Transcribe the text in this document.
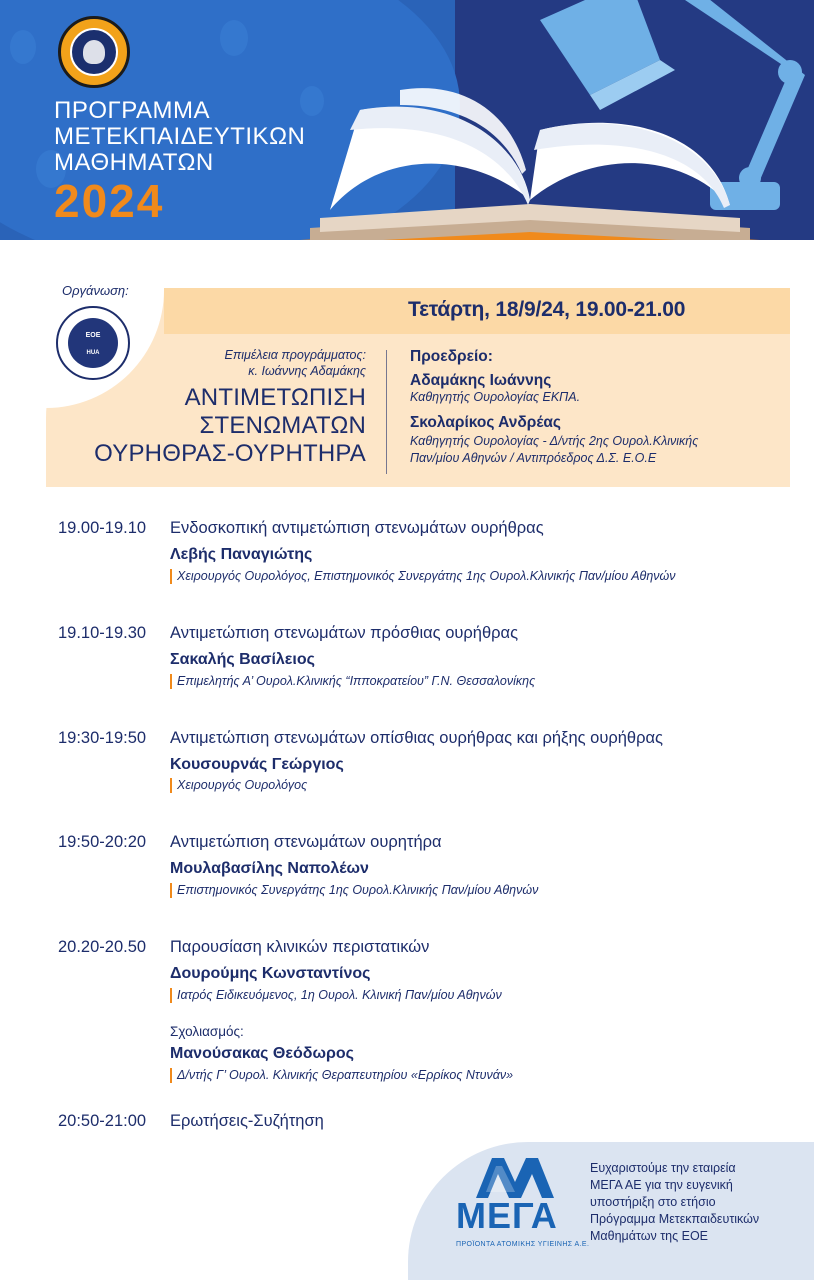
ΠΡΟΓΡΑΜΜΑ
ΜΕΤΕΚΠΑΙΔΕΥΤΙΚΩΝ
ΜΑΘΗΜΑΤΩΝ
2024
ΕΟΕ
HUA
Τετάρτη, 18/9/24, 19.00-21.00
Επιμέλεια προγράμματος:
κ. Ιωάννης Αδαμάκης
ΑΝΤΙΜΕΤΩΠΙΣΗ
ΣΤΕΝΩΜΑΤΩΝ
ΟΥΡΗΘΡΑΣ-ΟΥΡΗΤΗΡΑ
Προεδρείο:
Αδαμάκης Ιωάννης
Καθηγητής Ουρολογίας ΕΚΠΑ.
Σκολαρίκος Ανδρέας
Καθηγητής Ουρολογίας - Δ/ντής 2ης Ουρολ.Κλινικής
Παν/μίου Αθηνών / Αντιπρόεδρος Δ.Σ. Ε.Ο.Ε
Οργάνωση:
19.00-19.10 Ενδοσκοπική αντιμετώπιση στενωμάτων ουρήθρας
Λεβής Παναγιώτης
Χειρουργός Ουρολόγος, Επιστημονικός Συνεργάτης 1ης Ουρολ.Κλινικής Παν/μίου Αθηνών
19.10-19.30 Αντιμετώπιση στενωμάτων πρόσθιας ουρήθρας
Σακαλής Βασίλειος
Επιμελητής Α’ Ουρολ.Κλινικής “Ιπποκρατείου” Γ.Ν. Θεσσαλονίκης
19:30-19:50 Αντιμετώπιση στενωμάτων οπίσθιας ουρήθρας και ρήξης ουρήθρας
Κουσουρνάς Γεώργιος
Χειρουργός Ουρολόγος
19:50-20:20 Αντιμετώπιση στενωμάτων ουρητήρα
Μουλαβασίλης Ναπολέων
Επιστημονικός Συνεργάτης 1ης Ουρολ.Κλινικής Παν/μίου Αθηνών
20.20-20.50 Παρουσίαση κλινικών περιστατικών
Δουρούμης Κωνσταντίνος
Ιατρός Ειδικευόμενος, 1η Ουρολ. Κλινική Παν/μίου Αθηνών
Σχολιασμός:
Μανούσακας Θεόδωρος
Δ/ντής Γ’ Ουρολ. Κλινικής Θεραπευτηρίου «Ερρίκος Ντυνάν»
20:50-21:00 Ερωτήσεις-Συζήτηση
ΜΕΓΑ
ΠΡΟΪΟΝΤΑ ΑΤΟΜΙΚΗΣ ΥΓΙΕΙΝΗΣ Α.Ε.
Ευχαριστούμε την εταιρεία
ΜΕΓΑ ΑΕ για την ευγενική
υποστήριξη στο ετήσιο
Πρόγραμμα Μετεκπαιδευτικών
Μαθημάτων της ΕΟΕ
